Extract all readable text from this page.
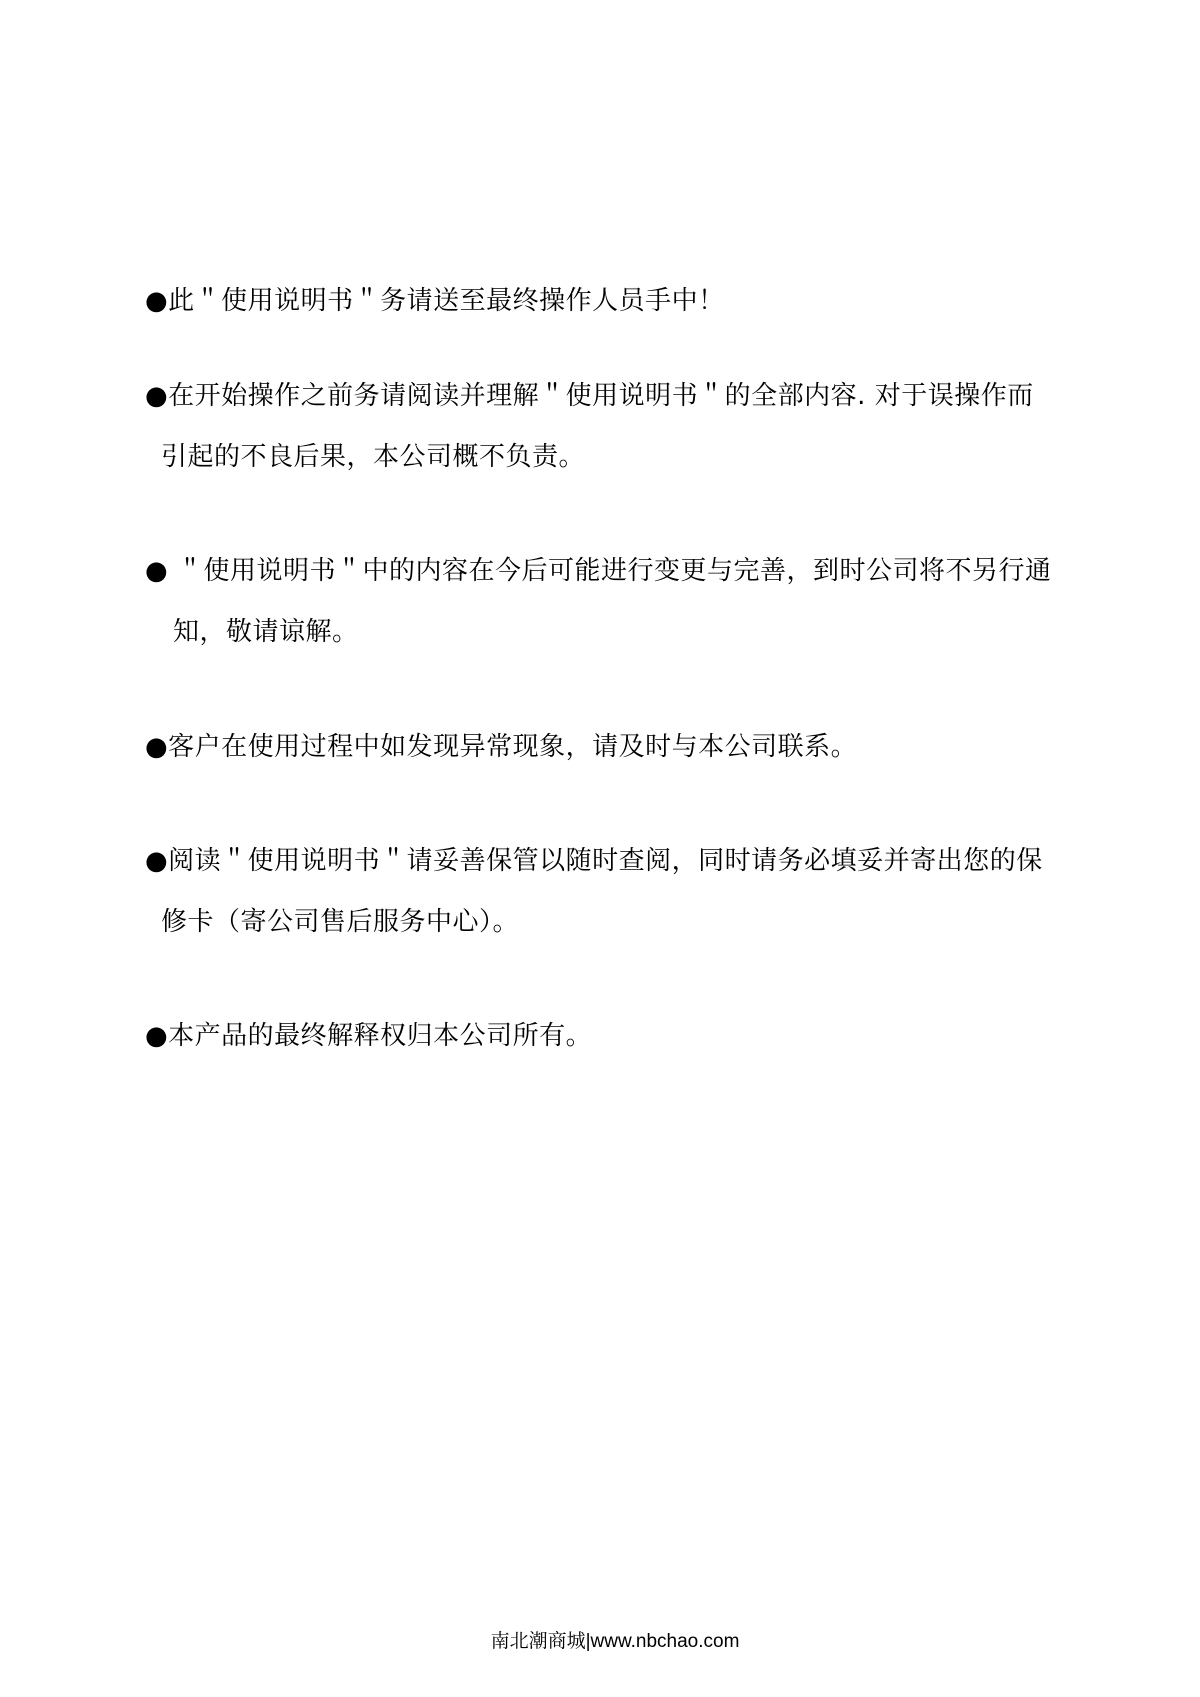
●此＂使用说明书＂务请送至最终操作人员手中！
●在开始操作之前务请阅读并理解＂使用说明书＂的全部内容. 对于误操作而
引起的不良后果，本公司概不负责。
● ＂使用说明书＂中的内容在今后可能进行变更与完善，到时公司将不另行通
知，敬请谅解。
●客户在使用过程中如发现异常现象，请及时与本公司联系。
●阅读＂使用说明书＂请妥善保管以随时查阅，同时请务必填妥并寄出您的保
修卡（寄公司售后服务中心）。
●本产品的最终解释权归本公司所有。
南北潮商城|www.nbchao.com
